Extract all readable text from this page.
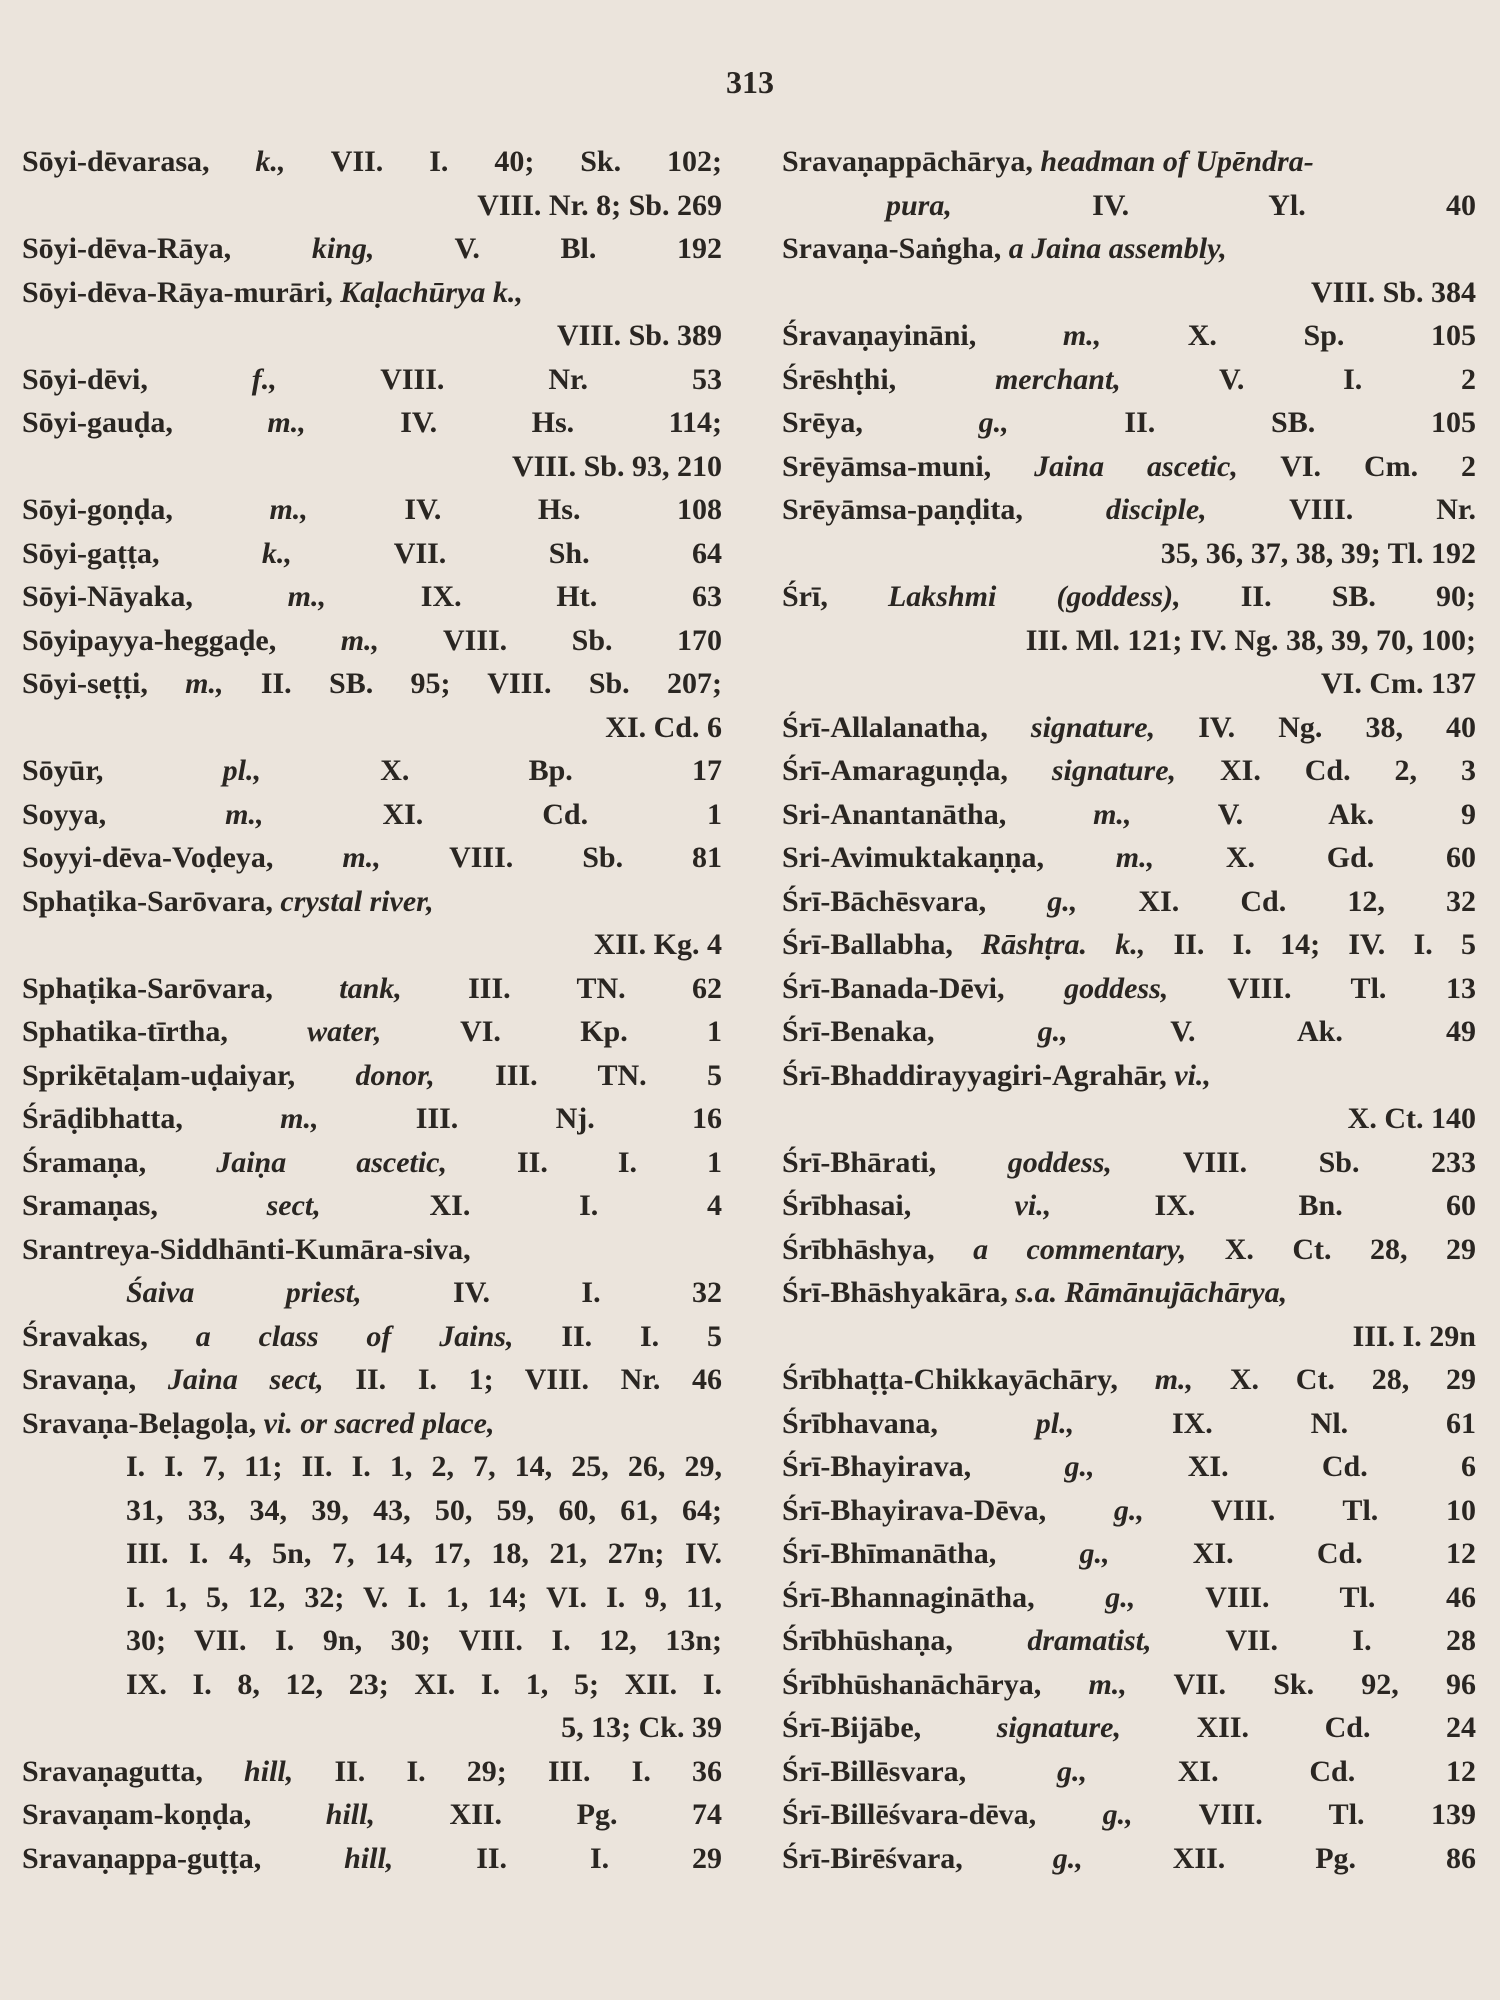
313
Sōyi-dēvarasa, k., VII. I. 40; Sk. 102;
VIII. Nr. 8; Sb. 269
Sōyi-dēva-Rāya,	king,	V. Bl. 192
Sōyi-dēva-Rāya-murāri, Kaḷachūrya k.,
VIII. Sb. 389
Sōyi-dēvi,	f.,	VIII. Nr. 53
Sōyi-gauḍa,	m.,	IV. Hs. 114;
VIII. Sb. 93, 210
Sōyi-goṇḍa,	m.,	IV. Hs. 108
Sōyi-gaṭṭa,	k.,	VII. Sh. 64
Sōyi-Nāyaka,	m.,	IX. Ht. 63
Sōyipayya-heggaḍe, m., VIII. Sb. 170
Sōyi-seṭṭi, m., II. SB. 95; VIII. Sb. 207;
XI. Cd. 6
Sōyūr,	pl.,	X. Bp. 17
Soyya,	m.,	XI. Cd. 1
Soyyi-dēva-Voḍeya, m., VIII. Sb. 81
Sphaṭika-Sarōvara, crystal river,
XII. Kg. 4
Sphaṭika-Sarōvara, tank, III. TN. 62
Sphatika-tīrtha,	water,	VI. Kp. 1
Sprikētaḷam-uḍaiyar, donor, III. TN. 5
Śrāḍibhatta,	m.,	III. Nj. 16
Śramaṇa, Jaiṇa ascetic, II. I. 1
Sramaṇas,	sect,	XI. I. 4
Srantreya-Siddhānti-Kumāra-siva,
Śaiva priest,	IV. I. 32
Śravakas, a class of Jains, II. I. 5
Sravaṇa, Jaina sect, II. I. 1; VIII. Nr. 46
Sravaṇa-Beḷagoḷa, vi. or sacred place,
I. I. 7, 11; II. I. 1, 2, 7, 14, 25, 26, 29,
31, 33, 34, 39, 43, 50, 59, 60, 61, 64;
III. I. 4, 5n, 7, 14, 17, 18, 21, 27n; IV.
I. 1, 5, 12, 32; V. I. 1, 14; VI. I. 9, 11,
30; VII. I. 9n, 30; VIII. I. 12, 13n;
IX. I. 8, 12, 23; XI. I. 1, 5; XII. I.
5, 13; Ck. 39
Sravaṇagutta, hill, II. I. 29; III. I. 36
Sravaṇam-koṇḍa, hill, XII. Pg. 74
Sravaṇappa-guṭṭa,	hill,	II. I. 29
Sravaṇappāchārya, headman of Upēndra-
pura,	IV. Yl. 40
Sravaṇa-Saṅgha, a Jaina assembly,
VIII. Sb. 384
Śravaṇayināni,	m.,	X. Sp. 105
Śrēshṭhi,	merchant,	V. I. 2
Srēya,	g.,	II. SB. 105
Srēyāmsa-muni, Jaina ascetic, VI. Cm. 2
Srēyāmsa-paṇḍita,	disciple,	VIII. Nr.
35, 36, 37, 38, 39; Tl. 192
Śrī, Lakshmi (goddess), II. SB. 90;
III. Ml. 121; IV. Ng. 38, 39, 70, 100;
VI. Cm. 137
Śrī-Allalanatha, signature, IV. Ng. 38, 40
Śrī-Amaraguṇḍa, signature, XI. Cd. 2, 3
Sri-Anantanātha,	m.,	V. Ak. 9
Sri-Avimuktakaṇṇa, m., X. Gd. 60
Śrī-Bāchēsvara, g., XI. Cd. 12, 32
Śrī-Ballabha, Rāshṭra. k., II. I. 14; IV. I. 5
Śrī-Banada-Dēvi, goddess, VIII. Tl. 13
Śrī-Benaka,	g.,	V. Ak. 49
Śrī-Bhaddirayyagiri-Agrahār, vi.,
X. Ct. 140
Śrī-Bhārati, goddess, VIII. Sb. 233
Śrībhasai,	vi.,	IX. Bn. 60
Śrībhāshya, a commentary, X. Ct. 28, 29
Śrī-Bhāshyakāra, s.a. Rāmānujāchārya,
III. I. 29n
Śrībhaṭṭa-Chikkayāchāry, m., X. Ct. 28, 29
Śrībhavana,	pl.,	IX. Nl. 61
Śrī-Bhayirava,	g.,	XI. Cd. 6
Śrī-Bhayirava-Dēva, g., VIII. Tl. 10
Śrī-Bhīmanātha,	g.,	XI. Cd. 12
Śrī-Bhannaginātha, g., VIII. Tl. 46
Śrībhūshaṇa, dramatist, VII. I. 28
Śrībhūshanāchārya, m., VII. Sk. 92, 96
Śrī-Bijābe,	signature,	XII. Cd. 24
Śrī-Billēsvara,	g.,	XI. Cd. 12
Śrī-Billēśvara-dēva, g., VIII. Tl. 139
Śrī-Birēśvara,	g.,	XII. Pg. 86
